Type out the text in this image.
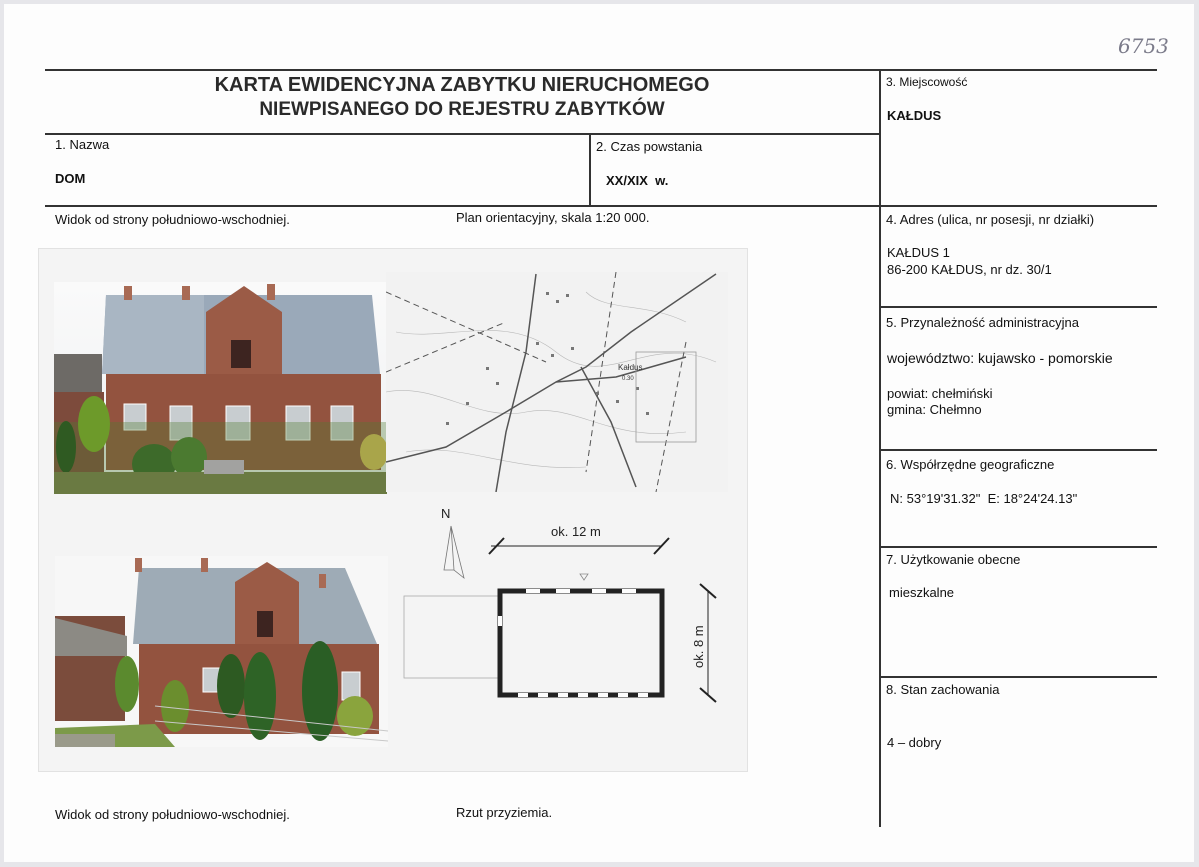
6753
KARTA EWIDENCYJNA ZABYTKU NIERUCHOMEGO
NIEWPISANEGO DO REJESTRU ZABYTKÓW
1. Nazwa
DOM
2. Czas powstania
XX/XIX  w.
3. Miejscowość
KAŁDUS
Widok od strony południowo-wschodniej.	Plan orientacyjny, skala 1:20 000.	4. Adres (ulica, nr posesji, nr działki)
KAŁDUS 1
86-200 KAŁDUS, nr dz. 30/1
5. Przynależność administracyjna
województwo: kujawsko - pomorskie
powiat: chełmiński
gmina: Chełmno
6. Współrzędne geograficzne
N: 53°19'31.32"  E: 18°24'24.13"
7. Użytkowanie obecne
mieszkalne
8. Stan zachowania
4 – dobry
Widok od strony południowo-wschodniej.	Rzut przyziemia.
Kałdus
0.30
N
ok. 12 m
ok. 8 m
